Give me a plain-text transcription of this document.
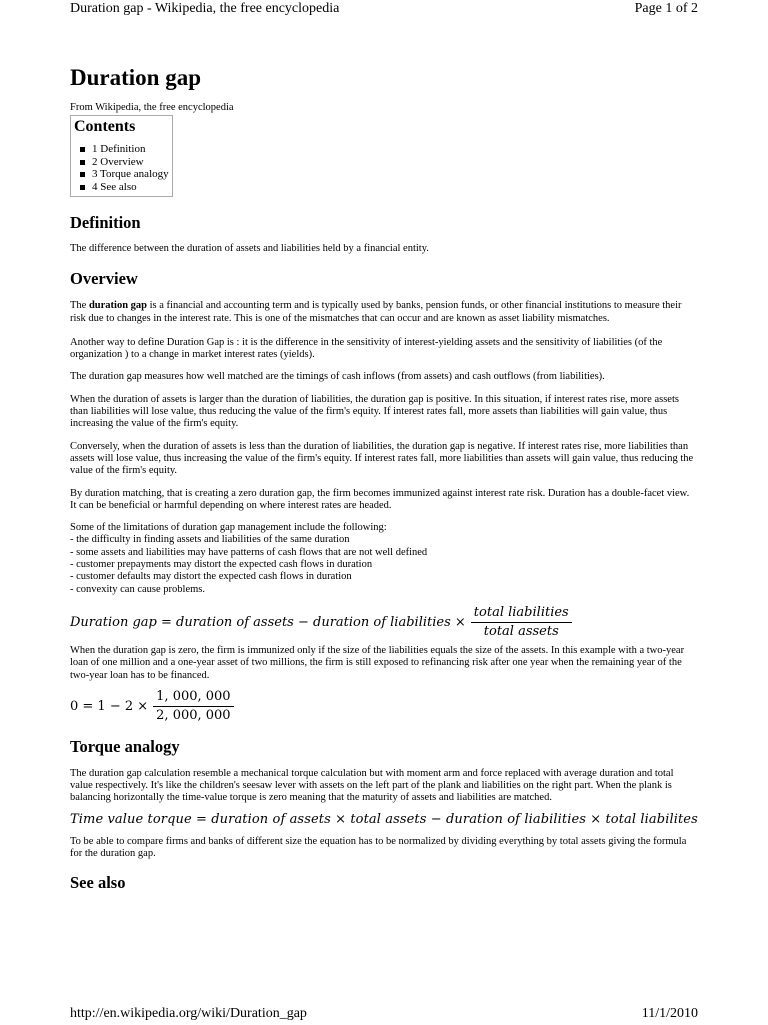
Duration gap - Wikipedia, the free encyclopedia	Page 1 of 2
Duration gap
From Wikipedia, the free encyclopedia
Contents
1 Definition
2 Overview
3 Torque analogy
4 See also
Definition

The difference between the duration of assets and liabilities held by a financial entity.

Overview

The duration gap is a financial and accounting term and is typically used by banks, pension funds, or other financial institutions to measure their risk due to changes in the interest rate. This is one of the mismatches that can occur and are known as asset liability mismatches.

Another way to define Duration Gap is : it is the difference in the sensitivity of interest-yielding assets and the sensitivity of liabilities (of the organization ) to a change in market interest rates (yields).

The duration gap measures how well matched are the timings of cash inflows (from assets) and cash outflows (from liabilities).

When the duration of assets is larger than the duration of liabilities, the duration gap is positive. In this situation, if interest rates rise, more assets than liabilities will lose value, thus reducing the value of the firm's equity. If interest rates fall, more assets than liabilities will gain value, thus increasing the value of the firm's equity.

Conversely, when the duration of assets is less than the duration of liabilities, the duration gap is negative. If interest rates rise, more liabilities than assets will lose value, thus increasing the value of the firm's equity. If interest rates fall, more liabilities than assets will gain value, thus reducing the value of the firm's equity.

By duration matching, that is creating a zero duration gap, the firm becomes immunized against interest rate risk. Duration has a double-facet view. It can be beneficial or harmful depending on where interest rates are headed.

Some of the limitations of duration gap management include the following:

- the difficulty in finding assets and liabilities of the same duration

- some assets and liabilities may have patterns of cash flows that are not well defined

- customer prepayments may distort the expected cash flows in duration

- customer defaults may distort the expected cash flows in duration

- convexity can cause problems.

Duration gap = duration of assets − duration of liabilities × $\frac{\text{total liabilities}}{\text{total assets}}$

When the duration gap is zero, the firm is immunized only if the size of the liabilities equals the size of the assets. In this example with a two-year loan of one million and a one-year asset of two millions, the firm is still exposed to refinancing risk after one year when the remaining year of the two-year loan has to be financed.

$0 = 1 - 2 \times \frac{1, 000, 000}{2, 000, 000}$
Torque analogy

The duration gap calculation resemble a mechanical torque calculation but with moment arm and force replaced with average duration and total value respectively. It's like the children's seesaw lever with assets on the left part of the plank and liabilities on the right part. When the plank is balancing horizontally the time-value torque is zero meaning that the maturity of assets and liabilities are matched.

Time value torque = duration of assets × total assets − duration of liabilities × total liabilites

To be able to compare firms and banks of different size the equation has to be normalized by dividing everything by total assets giving the formula for the duration gap.

See also
http://en.wikipedia.org/wiki/Duration_gap	11/1/2010
